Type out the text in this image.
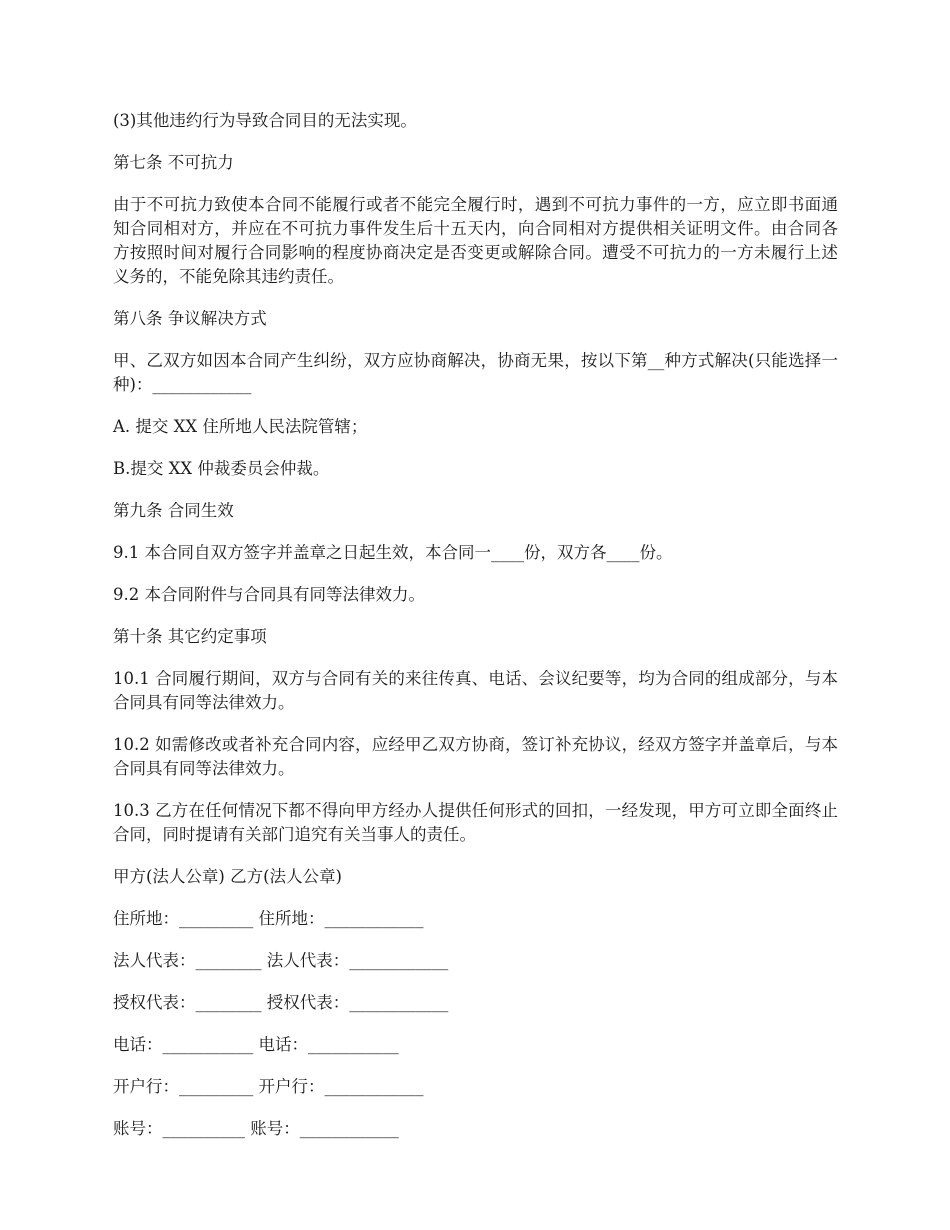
(3)其他违约行为导致合同目的无法实现。

第七条 不可抗力

由于不可抗力致使本合同不能履行或者不能完全履行时，遇到不可抗力事件的一方，应立即书面通知合同相对方，并应在不可抗力事件发生后十五天内，向合同相对方提供相关证明文件。由合同各方按照时间对履行合同影响的程度协商决定是否变更或解除合同。遭受不可抗力的一方未履行上述义务的，不能免除其违约责任。

第八条 争议解决方式

甲、乙双方如因本合同产生纠纷，双方应协商解决，协商无果，按以下第__种方式解决(只能选择一种)：____________

A. 提交 XX 住所地人民法院管辖；

B.提交 XX 仲裁委员会仲裁。

第九条 合同生效

9.1 本合同自双方签字并盖章之日起生效，本合同一____份，双方各____份。

9.2 本合同附件与合同具有同等法律效力。

第十条 其它约定事项

10.1 合同履行期间，双方与合同有关的来往传真、电话、会议纪要等，均为合同的组成部分，与本合同具有同等法律效力。

10.2 如需修改或者补充合同内容，应经甲乙双方协商，签订补充协议，经双方签字并盖章后，与本合同具有同等法律效力。

10.3 乙方在任何情况下都不得向甲方经办人提供任何形式的回扣，一经发现，甲方可立即全面终止合同，同时提请有关部门追究有关当事人的责任。

甲方(法人公章) 乙方(法人公章)

住所地：_________ 住所地：____________

法人代表：________ 法人代表：____________

授权代表：________ 授权代表：____________

电话：___________ 电话：___________

开户行：_________ 开户行：____________

账号：__________ 账号：____________
